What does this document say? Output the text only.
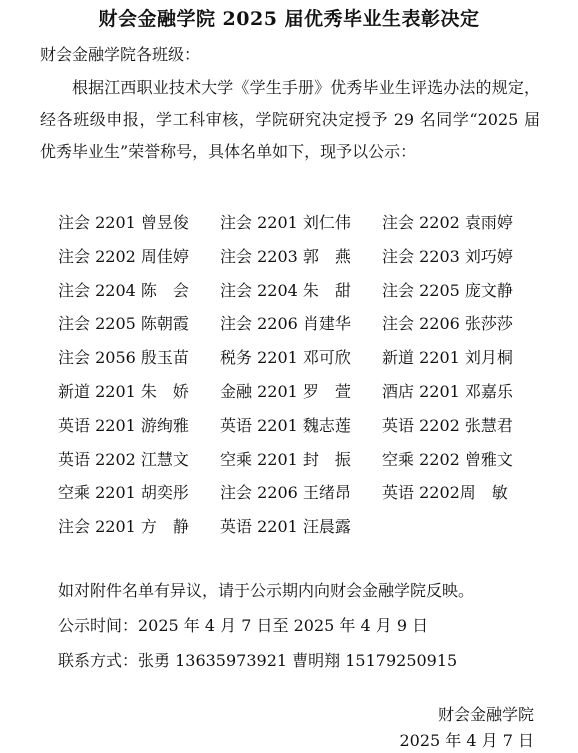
财会金融学院 2025 届优秀毕业生表彰决定
财会金融学院各班级：
根据江西职业技术大学《学生手册》优秀毕业生评选办法的规定，经各班级申报，学工科审核，学院研究决定授予 29 名同学“2025 届优秀毕业生”荣誉称号，具体名单如下，现予以公示：
注会 2201 曾昱俊	注会 2201 刘仁伟	注会 2202 袁雨婷
注会 2202 周佳婷	注会 2203 郭　燕	注会 2203 刘巧婷
注会 2204 陈　会	注会 2204 朱　甜	注会 2205 庞文静
注会 2205 陈朝霞	注会 2206 肖建华	注会 2206 张莎莎
注会 2056 殷玉苗	税务 2201 邓可欣	新道 2201 刘月桐
新道 2201 朱　娇	金融 2201 罗　萱	酒店 2201 邓嘉乐
英语 2201 游绚雅	英语 2201 魏志莲	英语 2202 张慧君
英语 2202 江慧文	空乘 2201 封　振	空乘 2202 曾雅文
空乘 2201 胡奕彤	注会 2206 王绪昂	英语 2202周　敏
注会 2201 方　静	英语 2201 汪晨露
如对附件名单有异议，请于公示期内向财会金融学院反映。
公示时间：2025 年 4 月 7 日至 2025 年 4 月 9 日
联系方式：张勇 13635973921 曹明翔 15179250915
财会金融学院
2025 年 4 月 7 日
